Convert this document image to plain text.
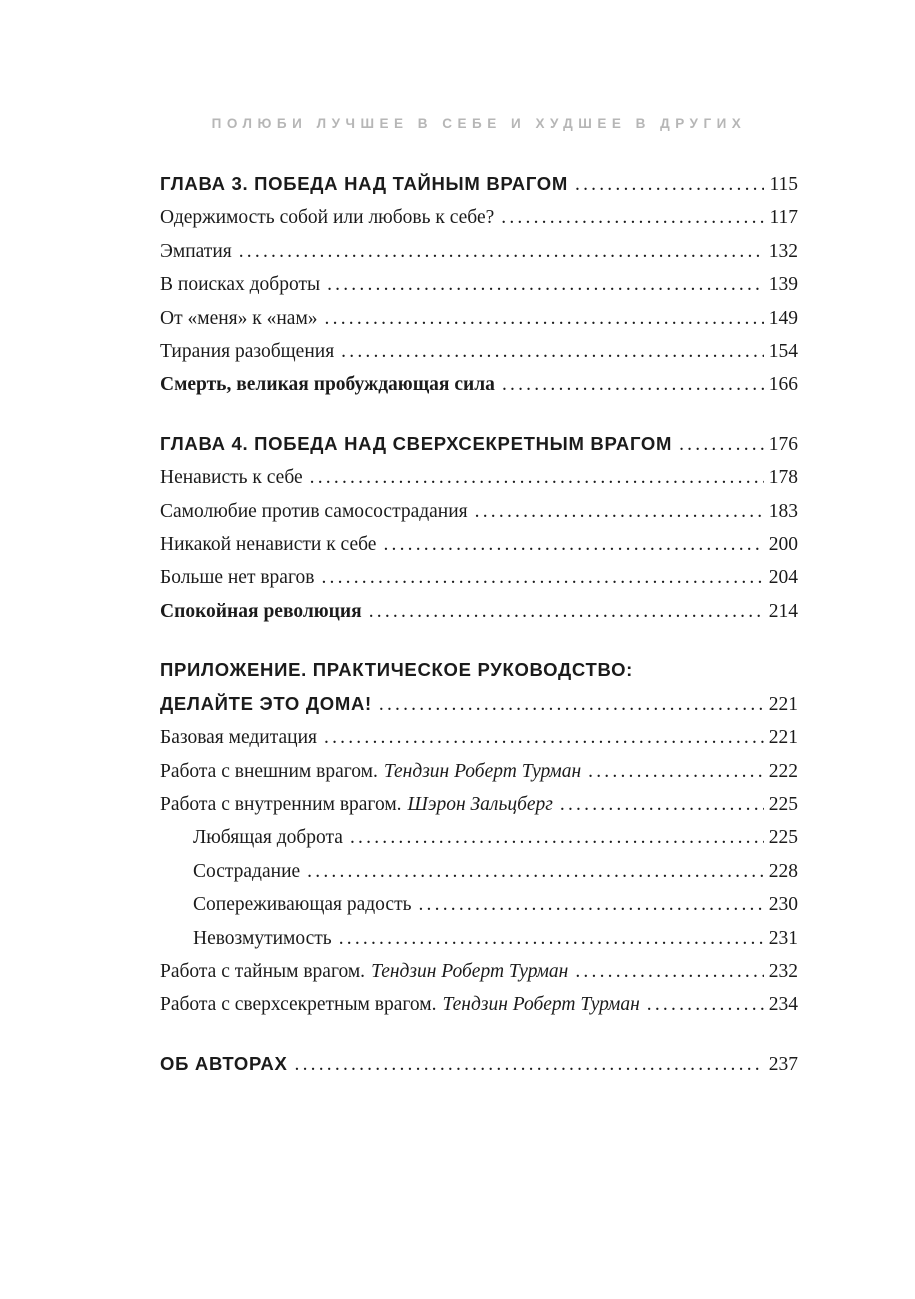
ПОЛЮБИ ЛУЧШЕЕ В СЕБЕ И ХУДШЕЕ В ДРУГИХ
ГЛАВА 3. ПОБЕДА НАД ТАЙНЫМ ВРАГОМ .....	115
Одержимость собой или любовь к себе? .....	117
Эмпатия .....	132
В поисках доброты .....	139
От «меня» к «нам» .....	149
Тирания разобщения .....	154
Смерть, великая пробуждающая сила .....	166
ГЛАВА 4. ПОБЕДА НАД СВЕРХСЕКРЕТНЫМ ВРАГОМ .....	176
Ненависть к себе .....	178
Самолюбие против самосострадания .....	183
Никакой ненависти к себе .....	200
Больше нет врагов .....	204
Спокойная революция .....	214
ПРИЛОЖЕНИЕ. ПРАКТИЧЕСКОЕ РУКОВОДСТВО:
ДЕЛАЙТЕ ЭТО ДОМА! .....	221
Базовая медитация .....	221
Работа с внешним врагом. Тендзин Роберт Турман .....	222
Работа с внутренним врагом. Шэрон Зальцберг .....	225
Любящая доброта .....	225
Сострадание .....	228
Сопереживающая радость .....	230
Невозмутимость .....	231
Работа с тайным врагом. Тендзин Роберт Турман .....	232
Работа с сверхсекретным врагом. Тендзин Роберт Турман .....	234
ОБ АВТОРАХ .....	237
